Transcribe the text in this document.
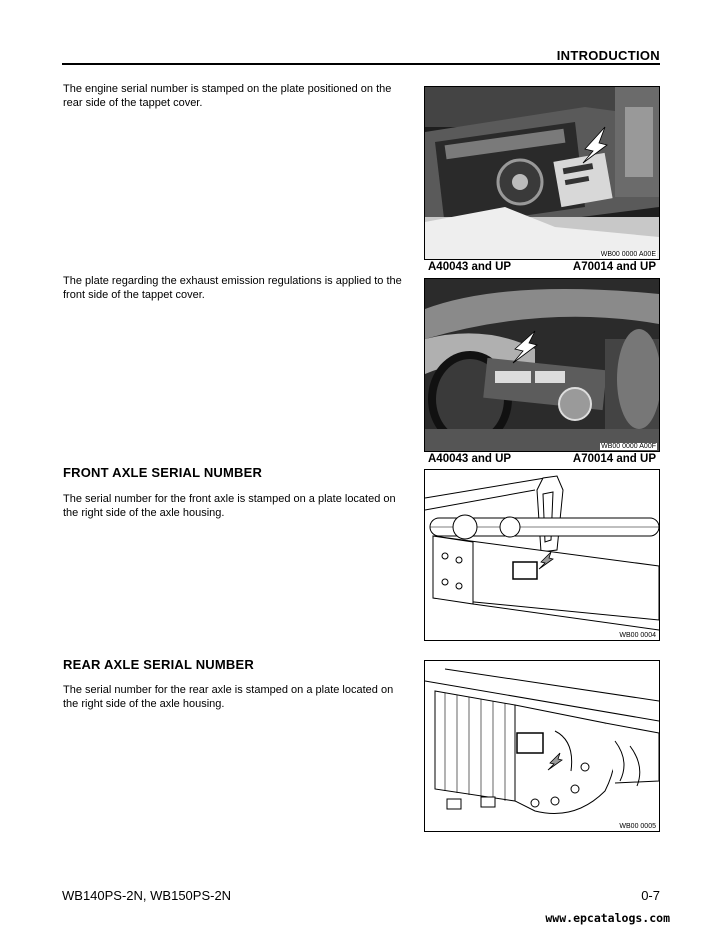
INTRODUCTION
The engine serial number is stamped on the plate positioned on the rear side of the tappet cover.
WB00 0000 A00E
A40043 and UP	A70014 and UP
The plate regarding the exhaust emission regulations is applied to the front side of the tappet cover.
WB00 0000 A00F
A40043 and UP	A70014 and UP
FRONT AXLE SERIAL NUMBER
The serial number for the front axle is stamped on a plate located on the right side of the axle housing.
WB00 0004
REAR AXLE SERIAL NUMBER
The serial number for the rear axle is stamped on a plate located on the right side of the axle housing.
WB00 0005
WB140PS-2N, WB150PS-2N	0-7
www.epcatalogs.com
